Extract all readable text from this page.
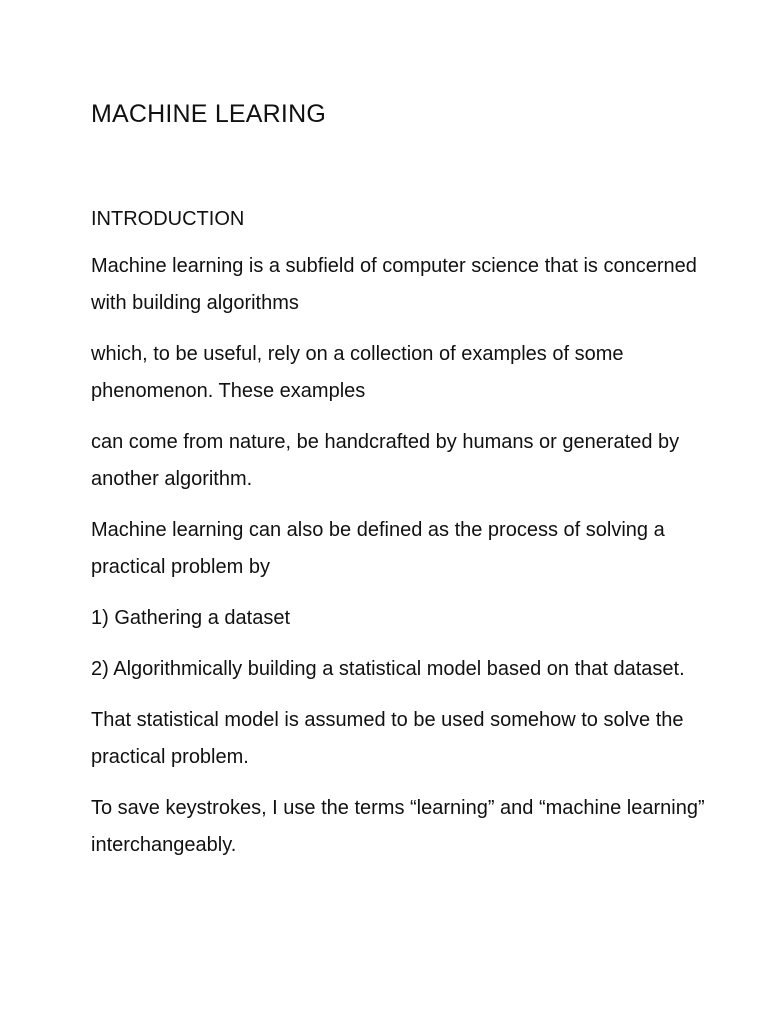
MACHINE LEARING
INTRODUCTION

Machine learning is a subfield of computer science that is concerned with building algorithms

which, to be useful, rely on a collection of examples of some phenomenon. These examples

can come from nature, be handcrafted by humans or generated by another algorithm.

Machine learning can also be defined as the process of solving a practical problem by

1) Gathering a dataset

2) Algorithmically building a statistical model based on that dataset.

That statistical model is assumed to be used somehow to solve the practical problem.

To save keystrokes, I use the terms “learning” and “machine learning” interchangeably.
